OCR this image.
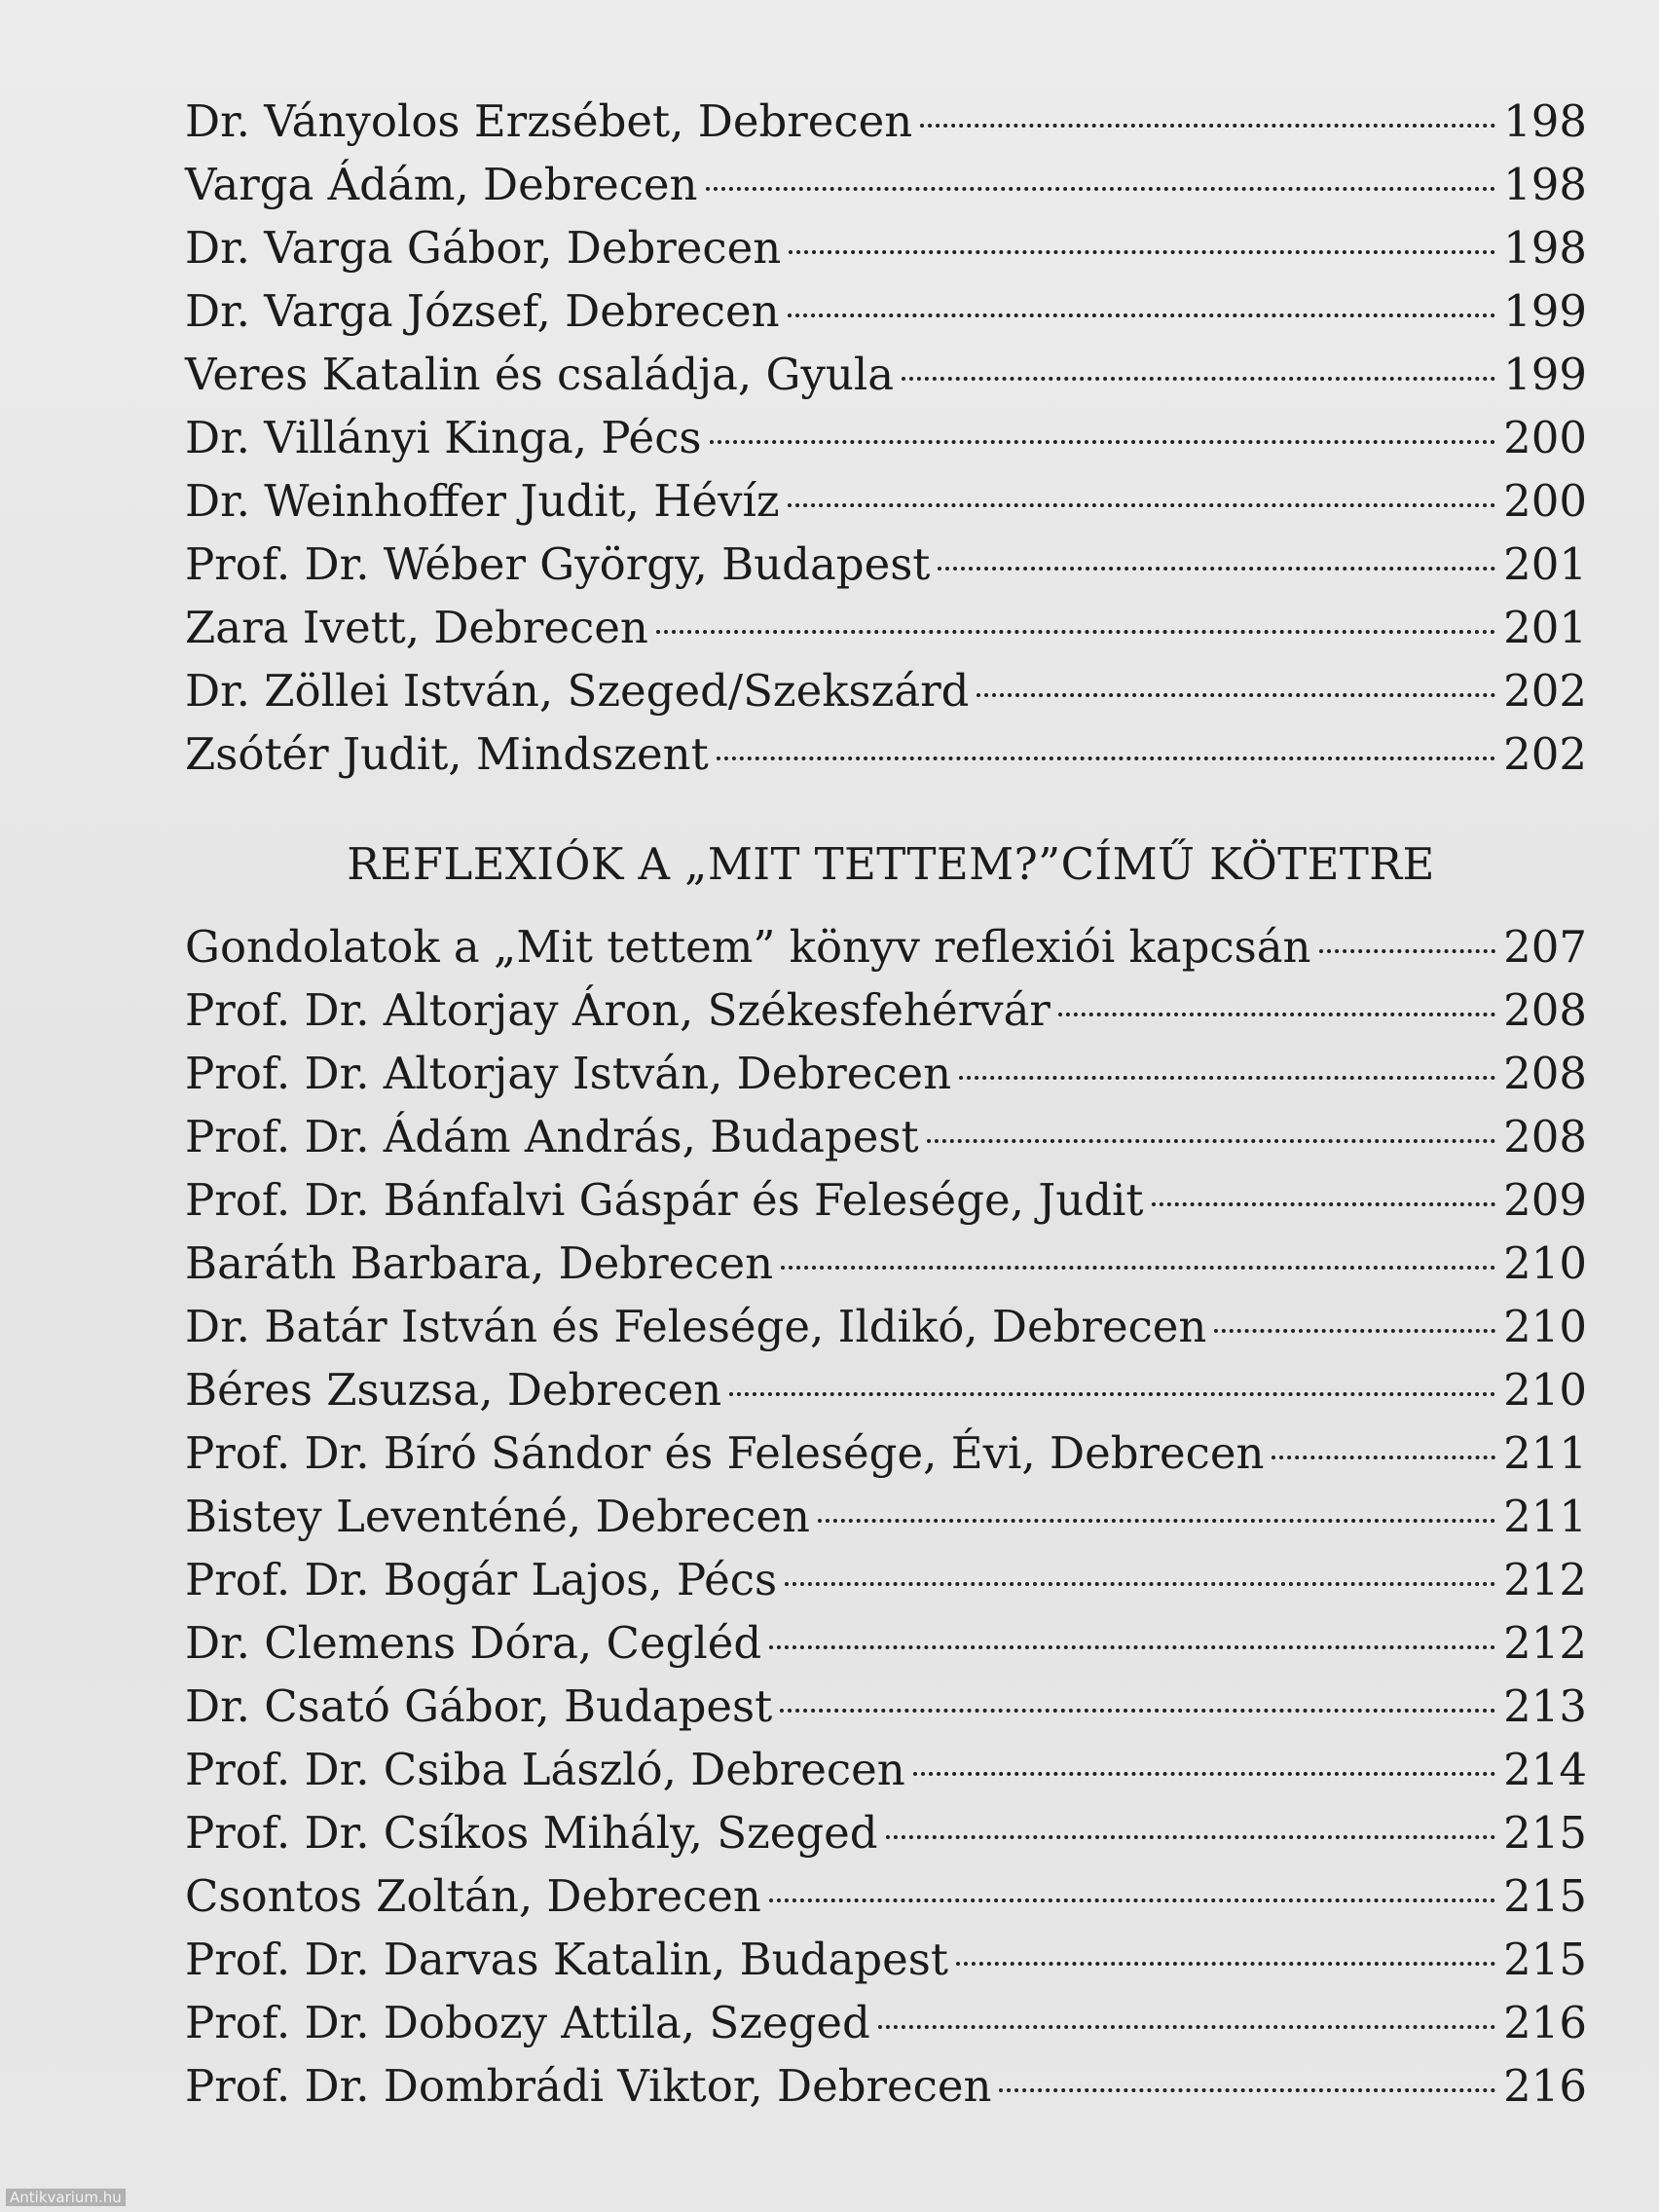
Dr. Ványolos Erzsébet, Debrecen	198
Varga Ádám, Debrecen	198
Dr. Varga Gábor, Debrecen	198
Dr. Varga József, Debrecen	199
Veres Katalin és családja, Gyula	199
Dr. Villányi Kinga, Pécs	200
Dr. Weinhoffer Judit, Hévíz	200
Prof. Dr. Wéber György, Budapest	201
Zara Ivett, Debrecen	201
Dr. Zöllei István, Szeged/Szekszárd	202
Zsótér Judit, Mindszent	202
REFLEXIÓK A „MIT TETTEM?”CÍMŰ KÖTETRE
Gondolatok a „Mit tettem” könyv reflexiói kapcsán	207
Prof. Dr. Altorjay Áron, Székesfehérvár	208
Prof. Dr. Altorjay István, Debrecen	208
Prof. Dr. Ádám András, Budapest	208
Prof. Dr. Bánfalvi Gáspár és Felesége, Judit	209
Baráth Barbara, Debrecen	210
Dr. Batár István és Felesége, Ildikó, Debrecen	210
Béres Zsuzsa, Debrecen	210
Prof. Dr. Bíró Sándor és Felesége, Évi, Debrecen	211
Bistey Leventéné, Debrecen	211
Prof. Dr. Bogár Lajos, Pécs	212
Dr. Clemens Dóra, Cegléd	212
Dr. Csató Gábor, Budapest	213
Prof. Dr. Csiba László, Debrecen	214
Prof. Dr. Csíkos Mihály, Szeged	215
Csontos Zoltán, Debrecen	215
Prof. Dr. Darvas Katalin, Budapest	215
Prof. Dr. Dobozy Attila, Szeged	216
Prof. Dr. Dombrádi Viktor, Debrecen	216
Antikvarium.hu
